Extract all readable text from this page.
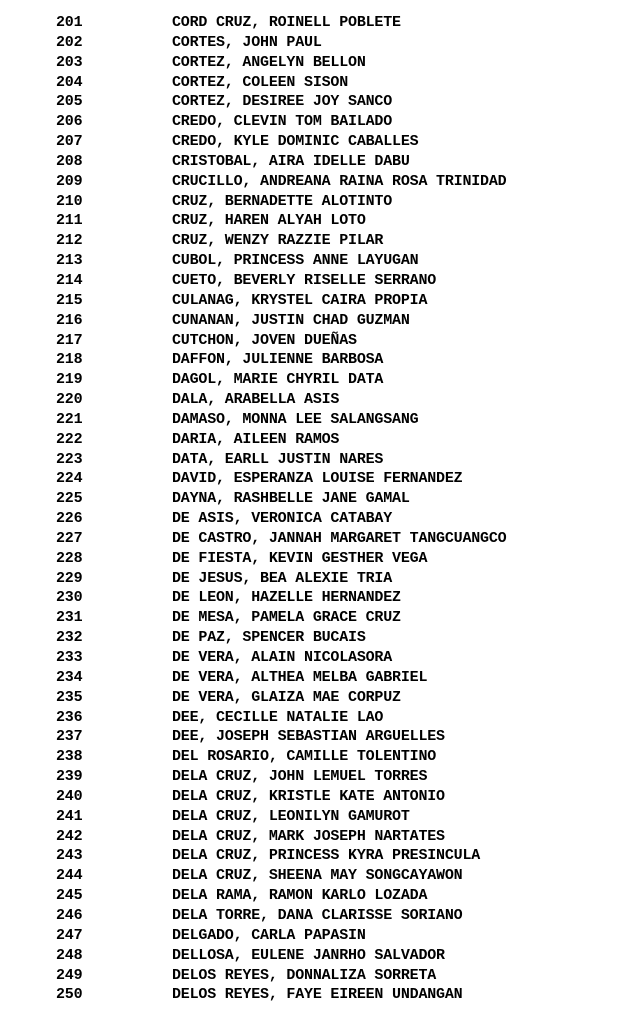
201	CORD CRUZ, ROINELL POBLETE
202	CORTES, JOHN PAUL
203	CORTEZ, ANGELYN BELLON
204	CORTEZ, COLEEN SISON
205	CORTEZ, DESIREE JOY SANCO
206	CREDO, CLEVIN TOM BAILADO
207	CREDO, KYLE DOMINIC CABALLES
208	CRISTOBAL, AIRA IDELLE DABU
209	CRUCILLO, ANDREANA RAINA ROSA TRINIDAD
210	CRUZ, BERNADETTE ALOTINTO
211	CRUZ, HAREN ALYAH LOTO
212	CRUZ, WENZY RAZZIE PILAR
213	CUBOL, PRINCESS ANNE LAYUGAN
214	CUETO, BEVERLY RISELLE SERRANO
215	CULANAG, KRYSTEL CAIRA PROPIA
216	CUNANAN, JUSTIN CHAD GUZMAN
217	CUTCHON, JOVEN DUEÑAS
218	DAFFON, JULIENNE BARBOSA
219	DAGOL, MARIE CHYRIL DATA
220	DALA, ARABELLA ASIS
221	DAMASO, MONNA LEE SALANGSANG
222	DARIA, AILEEN RAMOS
223	DATA, EARLL JUSTIN NARES
224	DAVID, ESPERANZA LOUISE FERNANDEZ
225	DAYNA, RASHBELLE JANE GAMAL
226	DE ASIS, VERONICA CATABAY
227	DE CASTRO, JANNAH MARGARET TANGCUANGCO
228	DE FIESTA, KEVIN GESTHER VEGA
229	DE JESUS, BEA ALEXIE TRIA
230	DE LEON, HAZELLE HERNANDEZ
231	DE MESA, PAMELA GRACE CRUZ
232	DE PAZ, SPENCER BUCAIS
233	DE VERA, ALAIN NICOLASORA
234	DE VERA, ALTHEA MELBA GABRIEL
235	DE VERA, GLAIZA MAE CORPUZ
236	DEE, CECILLE NATALIE LAO
237	DEE, JOSEPH SEBASTIAN ARGUELLES
238	DEL ROSARIO, CAMILLE TOLENTINO
239	DELA CRUZ, JOHN LEMUEL TORRES
240	DELA CRUZ, KRISTLE KATE ANTONIO
241	DELA CRUZ, LEONILYN GAMUROT
242	DELA CRUZ, MARK JOSEPH NARTATES
243	DELA CRUZ, PRINCESS KYRA PRESINCULA
244	DELA CRUZ, SHEENA MAY SONGCAYAWON
245	DELA RAMA, RAMON KARLO LOZADA
246	DELA TORRE, DANA CLARISSE SORIANO
247	DELGADO, CARLA PAPASIN
248	DELLOSA, EULENE JANRHO SALVADOR
249	DELOS REYES, DONNALIZA SORRETA
250	DELOS REYES, FAYE EIREEN UNDANGAN
